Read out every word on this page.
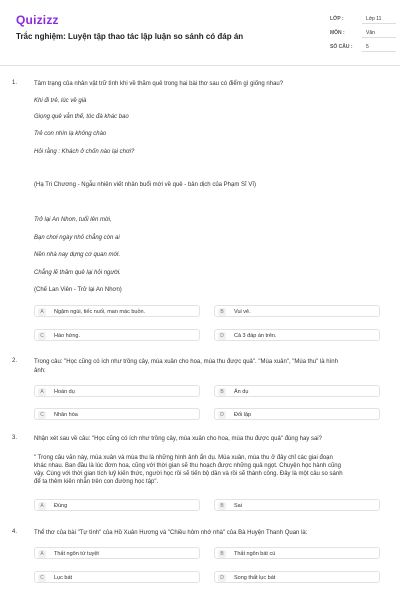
Quizizz
Trắc nghiệm: Luyện tập thao tác lập luận so sánh có đáp án
LỚP :	Lớp 11
MÔN :	Văn
SỐ CÂU :	5
1.	Tâm trạng của nhân vật trữ tình khi về thăm quê trong hai bài thơ sau có điểm gì giống nhau?
Khi đi trẻ, lúc về già
Giọng quê vẫn thế, tóc đà khác bao
Trẻ con nhìn lạ không chào
Hỏi rằng : Khách ở chốn nào lại chơi?
(Hạ Tri Chương - Ngẫu nhiên viết nhân buổi mới về quê - bản dịch của Phạm Sĩ Vĩ)
Trở lại An Nhơn, tuổi lên mời,
Bạn chơi ngày nhỏ chẳng còn ai
Nền nhà nay dựng cơ quan mới.
Chẳng lẽ thăm quê lại hỏi người.
(Chế Lan Viên - Trở lại An Nhơn)
A	Ngậm ngùi, tiếc nuối, man mác buồn.	B	Vui vẻ.
C	Háo hứng.	D	Cả 3 đáp án trên.
2.	Trong câu: "Học cũng có ích như trồng cây, mùa xuân cho hoa, mùa thu được quả". "Mùa xuân", "Mùa thu" là hình
ảnh:
A	Hoán dụ	B	Ẩn dụ
C	Nhân hóa	D	Đối lập
3.	Nhận xét sau về câu: "Học cũng có ích như trồng cây, mùa xuân cho hoa, mùa thu được quả" đúng hay sai?
" Trong câu văn này, mùa xuân và mùa thu là những hình ảnh ẩn dụ. Mùa xuân, mùa thu ở đây chỉ các giai đoạn
khác nhau. Ban đầu là lúc đơm hoa, cũng với thời gian sẽ thu hoạch được những quả ngọt. Chuyện học hành cũng
vậy. Cùng với thời gian tích luỹ kiến thức, người học rồi sẽ tiến bộ dần và rồi sẽ thành công. Đây là một câu so sánh
để ta thêm kiên nhẫn trên con đường học tập".
A	Đúng	B	Sai
4.	Thể thơ của bài "Tự tình" của Hồ Xuân Hương và "Chiều hôm nhớ nhà" của Bà Huyện Thanh Quan là:
A	Thất ngôn tứ tuyệt	B	Thất ngôn bát cú
C	Lục bát	D	Song thất lục bát
